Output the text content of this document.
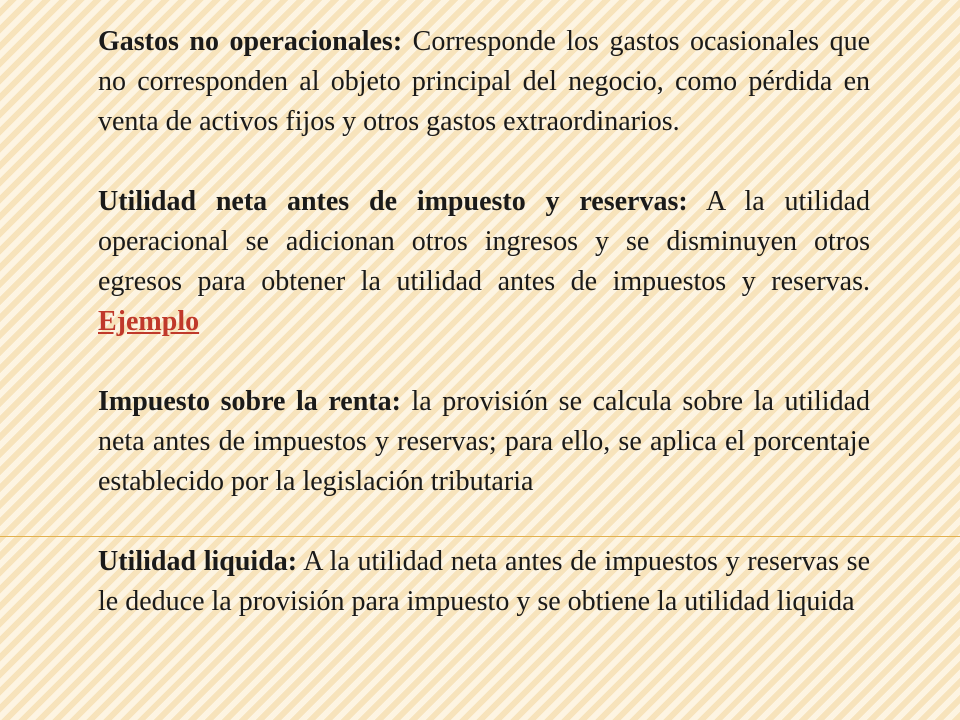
Gastos no operacionales: Corresponde los gastos ocasionales que no corresponden al objeto principal del negocio, como pérdida en venta de activos fijos y otros gastos extraordinarios.

Utilidad neta antes de impuesto y reservas: A la utilidad operacional se adicionan otros ingresos y se disminuyen otros egresos para obtener la utilidad antes de impuestos y reservas. Ejemplo

Impuesto sobre la renta: la provisión se calcula sobre la utilidad neta antes de impuestos y reservas; para ello, se aplica el porcentaje establecido por la legislación tributaria

Utilidad liquida: A la utilidad neta antes de impuestos y reservas se le deduce la provisión para impuesto y se obtiene la utilidad liquida
